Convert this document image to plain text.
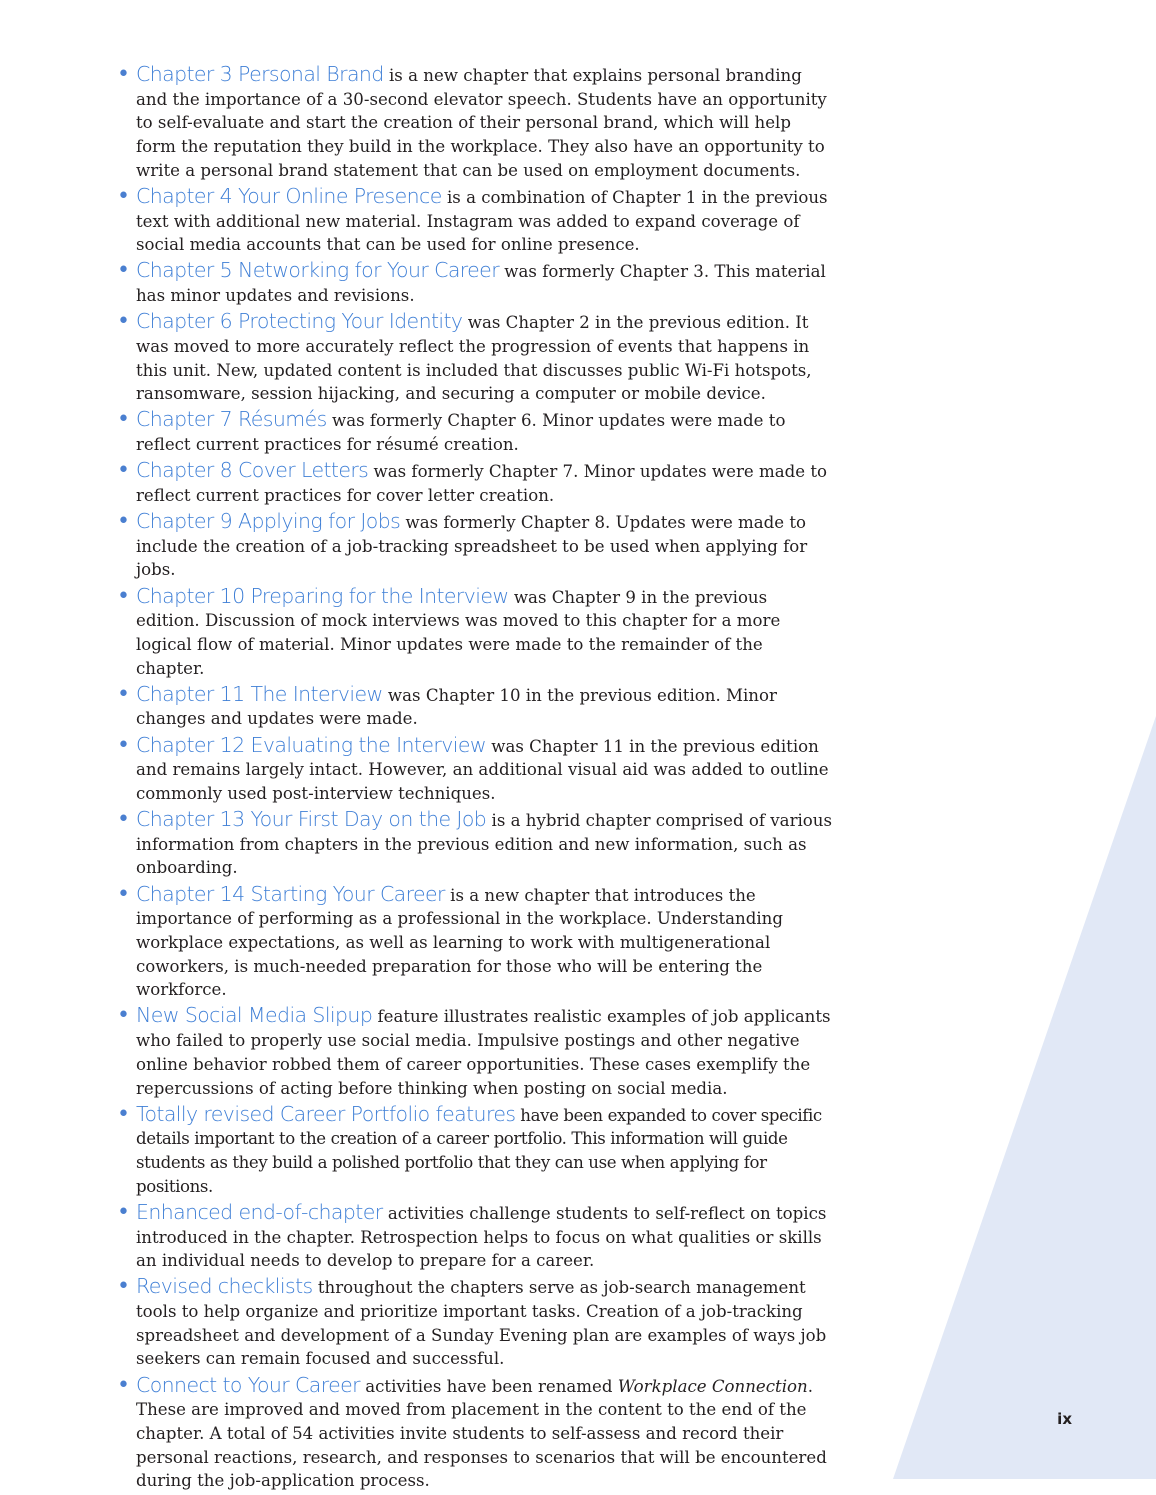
• Chapter 3 Personal Brand is a new chapter that explains personal branding and the importance of a 30-second elevator speech. Students have an opportunity to self-evaluate and start the creation of their personal brand, which will help form the reputation they build in the workplace. They also have an opportunity to write a personal brand statement that can be used on employment documents.
• Chapter 4 Your Online Presence is a combination of Chapter 1 in the previous text with additional new material. Instagram was added to expand coverage of social media accounts that can be used for online presence.
• Chapter 5 Networking for Your Career was formerly Chapter 3. This material has minor updates and revisions.
• Chapter 6 Protecting Your Identity was Chapter 2 in the previous edition. It was moved to more accurately reflect the progression of events that happens in this unit. New, updated content is included that discusses public Wi-Fi hotspots, ransomware, session hijacking, and securing a computer or mobile device.
• Chapter 7 Résumés was formerly Chapter 6. Minor updates were made to reflect current practices for résumé creation.
• Chapter 8 Cover Letters was formerly Chapter 7. Minor updates were made to reflect current practices for cover letter creation.
• Chapter 9 Applying for Jobs was formerly Chapter 8. Updates were made to include the creation of a job-tracking spreadsheet to be used when applying for jobs.
• Chapter 10 Preparing for the Interview was Chapter 9 in the previous edition. Discussion of mock interviews was moved to this chapter for a more logical flow of material. Minor updates were made to the remainder of the chapter.
• Chapter 11 The Interview was Chapter 10 in the previous edition. Minor changes and updates were made.
• Chapter 12 Evaluating the Interview was Chapter 11 in the previous edition and remains largely intact. However, an additional visual aid was added to outline commonly used post-interview techniques.
• Chapter 13 Your First Day on the Job is a hybrid chapter comprised of various information from chapters in the previous edition and new information, such as onboarding.
• Chapter 14 Starting Your Career is a new chapter that introduces the importance of performing as a professional in the workplace. Understanding workplace expectations, as well as learning to work with multigenerational coworkers, is much-needed preparation for those who will be entering the workforce.
• New Social Media Slipup feature illustrates realistic examples of job applicants who failed to properly use social media. Impulsive postings and other negative online behavior robbed them of career opportunities. These cases exemplify the repercussions of acting before thinking when posting on social media.
• Totally revised Career Portfolio features have been expanded to cover specific details important to the creation of a career portfolio. This information will guide students as they build a polished portfolio that they can use when applying for positions.
• Enhanced end-of-chapter activities challenge students to self-reflect on topics introduced in the chapter. Retrospection helps to focus on what qualities or skills an individual needs to develop to prepare for a career.
• Revised checklists throughout the chapters serve as job-search management tools to help organize and prioritize important tasks. Creation of a job-tracking spreadsheet and development of a Sunday Evening plan are examples of ways job seekers can remain focused and successful.
• Connect to Your Career activities have been renamed Workplace Connection. These are improved and moved from placement in the content to the end of the chapter. A total of 54 activities invite students to self-assess and record their personal reactions, research, and responses to scenarios that will be encountered during the job-application process.
ix
